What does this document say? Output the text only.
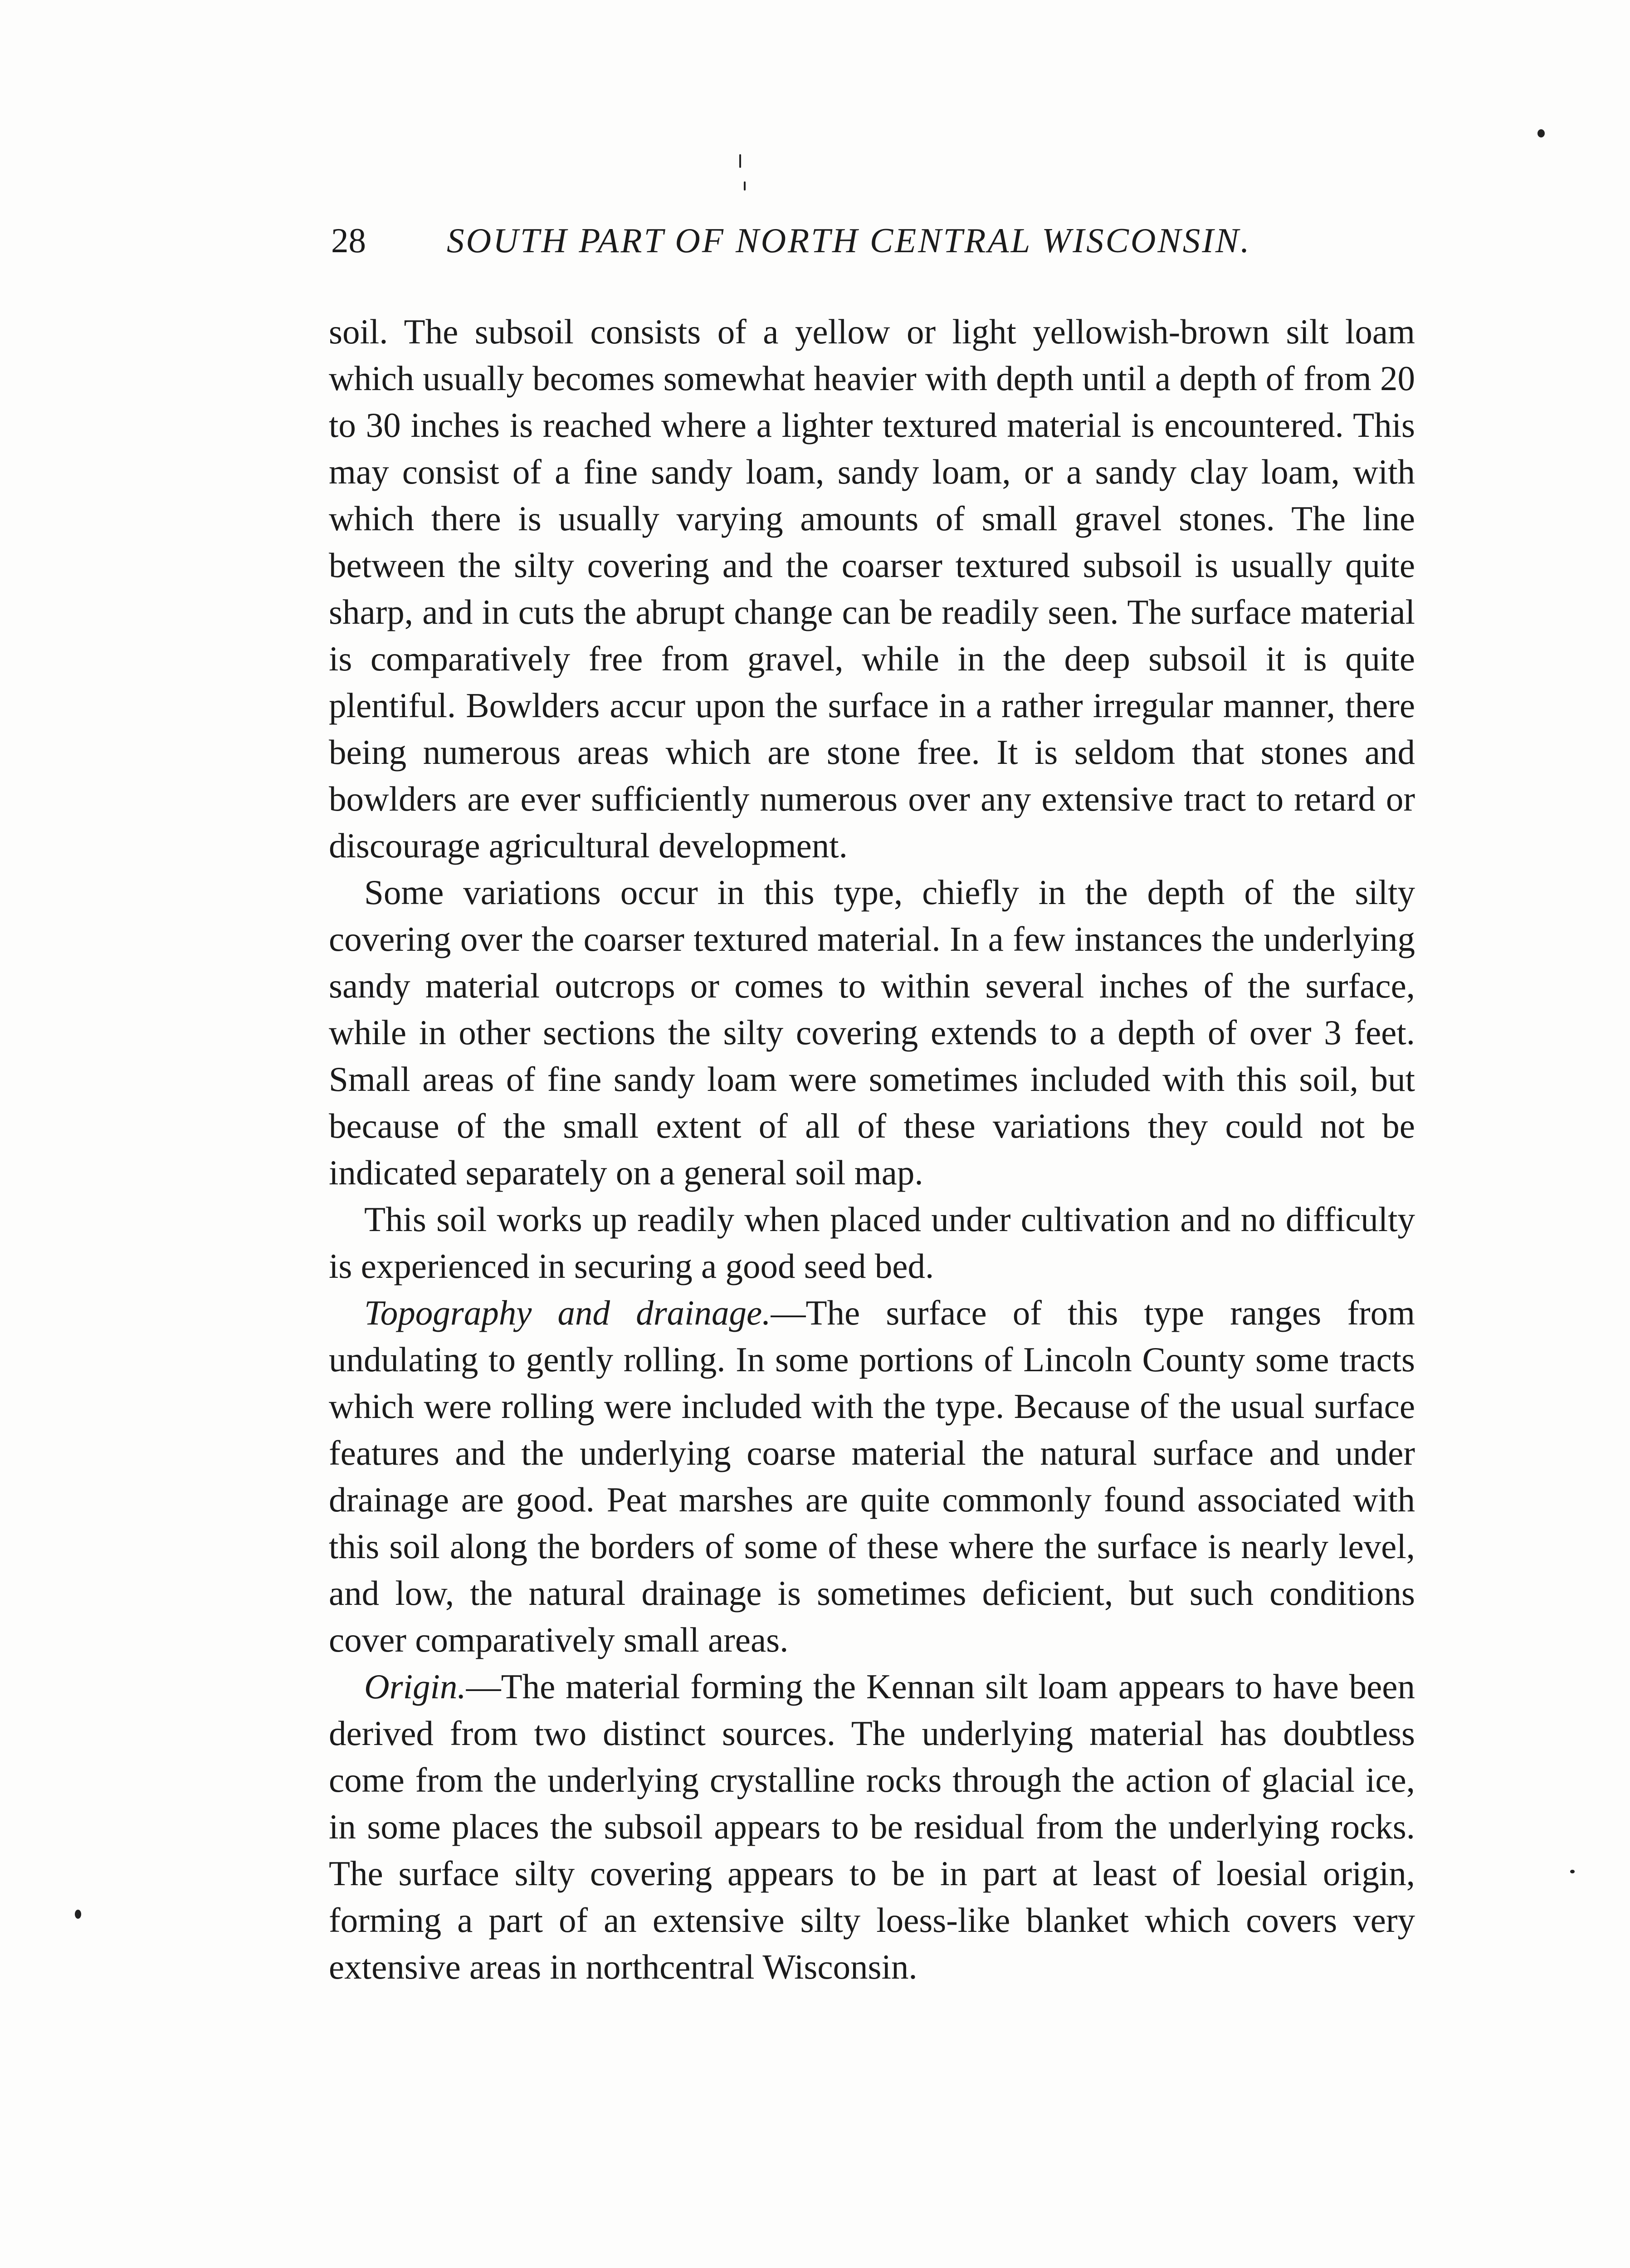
28 SOUTH PART OF NORTH CENTRAL WISCONSIN.

soil. The subsoil consists of a yellow or light yellowish-brown silt loam which usually becomes somewhat heavier with depth until a depth of from 20 to 30 inches is reached where a lighter textured material is encountered. This may consist of a fine sandy loam, sandy loam, or a sandy clay loam, with which there is usually varying amounts of small gravel stones. The line between the silty covering and the coarser textured subsoil is usually quite sharp, and in cuts the abrupt change can be readily seen. The surface material is comparatively free from gravel, while in the deep subsoil it is quite plentiful. Bowlders accur upon the surface in a rather irregular manner, there being numerous areas which are stone free. It is seldom that stones and bowlders are ever sufficiently numerous over any extensive tract to retard or discourage agricultural development.

Some variations occur in this type, chiefly in the depth of the silty covering over the coarser textured material. In a few instances the underlying sandy material outcrops or comes to within several inches of the surface, while in other sections the silty covering extends to a depth of over 3 feet. Small areas of fine sandy loam were sometimes included with this soil, but because of the small extent of all of these variations they could not be indicated separately on a general soil map.

This soil works up readily when placed under cultivation and no difficulty is experienced in securing a good seed bed.

Topography and drainage.—The surface of this type ranges from undulating to gently rolling. In some portions of Lincoln County some tracts which were rolling were included with the type. Because of the usual surface features and the underlying coarse material the natural surface and under drainage are good. Peat marshes are quite commonly found associated with this soil along the borders of some of these where the surface is nearly level, and low, the natural drainage is sometimes deficient, but such conditions cover comparatively small areas.

Origin.—The material forming the Kennan silt loam appears to have been derived from two distinct sources. The underlying material has doubtless come from the underlying crystalline rocks through the action of glacial ice, in some places the subsoil appears to be residual from the underlying rocks. The surface silty covering appears to be in part at least of loesial origin, forming a part of an extensive silty loess-like blanket which covers very extensive areas in northcentral Wisconsin.
